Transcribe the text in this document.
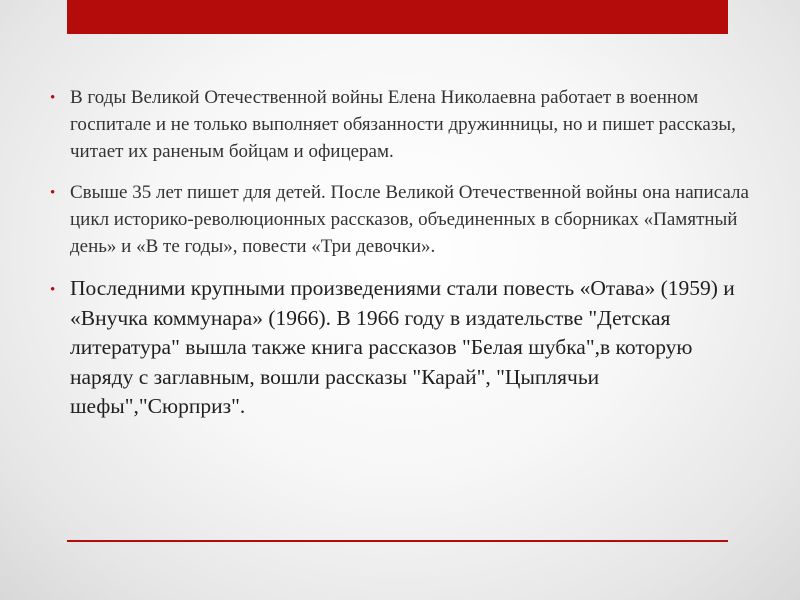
• В годы Великой Отечественной войны Елена Николаевна работает в военном госпитале и не только выполняет обязанности дружинницы, но и пишет рассказы, читает их раненым бойцам и офицерам.
• Свыше 35 лет пишет для детей. После Великой Отечественной войны она написала цикл историко-революционных рассказов, объединенных в сборниках «Памятный день» и «В те годы», повести «Три девочки».
• Последними крупными произведениями стали повесть «Отава» (1959) и «Внучка коммунара» (1966). В 1966 году в издательстве "Детская литература" вышла также книга рассказов "Белая шубка",в которую наряду с заглавным, вошли рассказы "Карай", "Цыплячьи шефы","Сюрприз".
